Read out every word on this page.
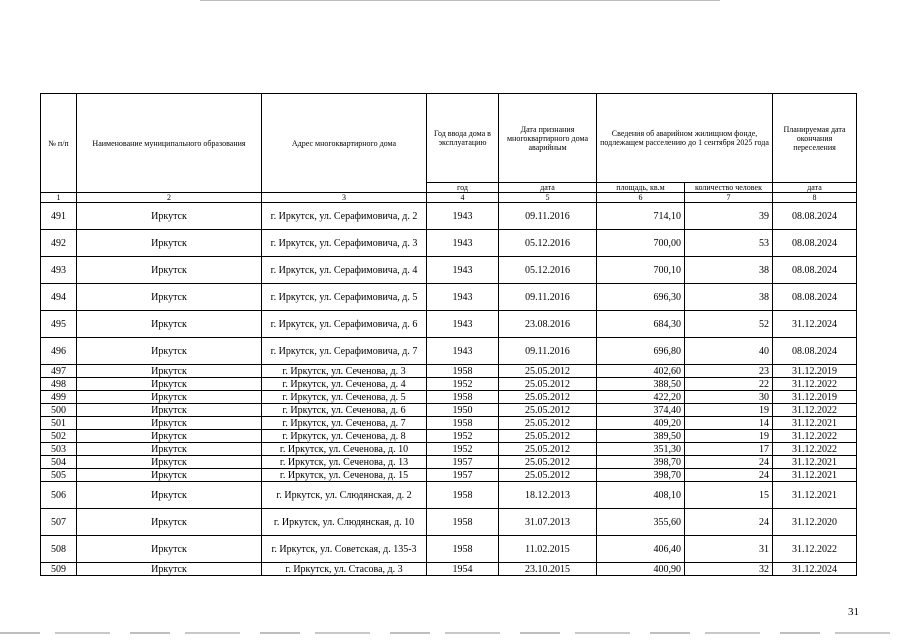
№ п/п	Наименование муниципального образования	Адрес многоквартирного дома	Год ввода дома в эксплуатацию	Дата признания многоквартирного дома аварийным	Сведения об аварийном жилищном фонде, подлежащем расселению до 1 сентября 2025 года		Планируемая дата окончания переселения
			год	дата	площадь, кв.м	количество человек	дата
1	2	3	4	5	6	7	8
491	Иркутск	г. Иркутск, ул. Серафимовича, д. 2	1943	09.11.2016	714,10	39	08.08.2024
492	Иркутск	г. Иркутск, ул. Серафимовича, д. 3	1943	05.12.2016	700,00	53	08.08.2024
493	Иркутск	г. Иркутск, ул. Серафимовича, д. 4	1943	05.12.2016	700,10	38	08.08.2024
494	Иркутск	г. Иркутск, ул. Серафимовича, д. 5	1943	09.11.2016	696,30	38	08.08.2024
495	Иркутск	г. Иркутск, ул. Серафимовича, д. 6	1943	23.08.2016	684,30	52	31.12.2024
496	Иркутск	г. Иркутск, ул. Серафимовича, д. 7	1943	09.11.2016	696,80	40	08.08.2024
497	Иркутск	г. Иркутск, ул. Сеченова, д. 3	1958	25.05.2012	402,60	23	31.12.2019
498	Иркутск	г. Иркутск, ул. Сеченова, д. 4	1952	25.05.2012	388,50	22	31.12.2022
499	Иркутск	г. Иркутск, ул. Сеченова, д. 5	1958	25.05.2012	422,20	30	31.12.2019
500	Иркутск	г. Иркутск, ул. Сеченова, д. 6	1950	25.05.2012	374,40	19	31.12.2022
501	Иркутск	г. Иркутск, ул. Сеченова, д. 7	1958	25.05.2012	409,20	14	31.12.2021
502	Иркутск	г. Иркутск, ул. Сеченова, д. 8	1952	25.05.2012	389,50	19	31.12.2022
503	Иркутск	г. Иркутск, ул. Сеченова, д. 10	1952	25.05.2012	351,30	17	31.12.2022
504	Иркутск	г. Иркутск, ул. Сеченова, д. 13	1957	25.05.2012	398,70	24	31.12.2021
505	Иркутск	г. Иркутск, ул. Сеченова, д. 15	1957	25.05.2012	398,70	24	31.12.2021
506	Иркутск	г. Иркутск, ул. Слюдянская, д. 2	1958	18.12.2013	408,10	15	31.12.2021
507	Иркутск	г. Иркутск, ул. Слюдянская, д. 10	1958	31.07.2013	355,60	24	31.12.2020
508	Иркутск	г. Иркутск, ул. Советская, д. 135-3	1958	11.02.2015	406,40	31	31.12.2022
509	Иркутск	г. Иркутск, ул. Стасова, д. 3	1954	23.10.2015	400,90	32	31.12.2024
31
